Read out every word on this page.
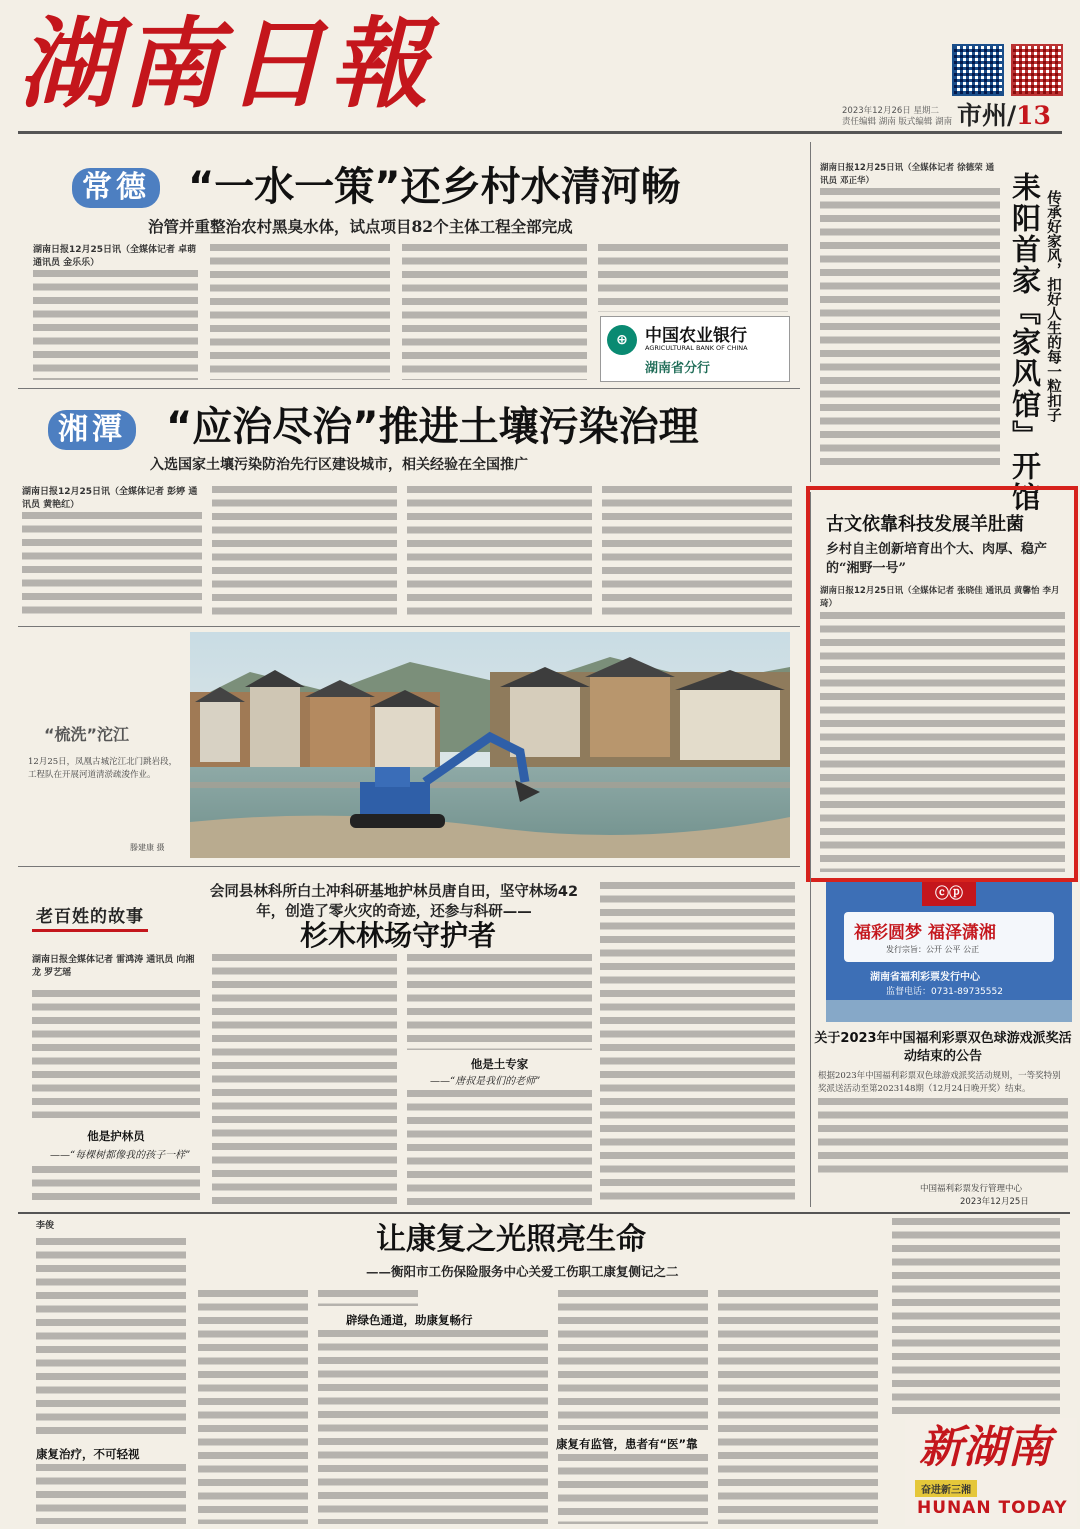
湖南日報	2023年12月26日 星期二
责任编辑 湖南 版式编辑 湖南 市州/13
常德 “一水一策”还乡村水清河畅
治管并重整治农村黑臭水体，试点项目82个主体工程全部完成
湖南日报12月25日讯（全媒体记者 卓萌 通讯员 金乐乐）
⊕	中国农业银行
AGRICULTURAL BANK OF CHINA
湖南省分行
湖南日报12月25日讯（全媒体记者 徐德荣 通讯员 邓正华）	耒阳首家『家风馆』开馆 传承好家风，扣好人生的每一粒扣子
湘潭 “应治尽治”推进土壤污染治理
入选国家土壤污染防治先行区建设城市，相关经验在全国推广
湖南日报12月25日讯（全媒体记者 彭婷 通讯员 黄艳红）
古文依靠科技发展羊肚菌
乡村自主创新培育出个大、肉厚、稳产的“湘野一号”
湖南日报12月25日讯（全媒体记者 张晓佳 通讯员 黄馨怡 李月琦）
“梳洗”沱江
12月25日，凤凰古城沱江北门跳岩段，工程队在开展河道清淤疏浚作业。
滕建康 摄
ⓒⓟ
福彩圆梦 福泽潇湘
发行宗旨：公开 公平 公正
湖南省福利彩票发行中心
监督电话：0731-89735552
关于2023年中国福利彩票双色球游戏派奖活动结束的公告
根据2023年中国福利彩票双色球游戏派奖活动规则，一等奖特别奖派送活动至第2023148期（12月24日晚开奖）结束。
中国福利彩票发行管理中心
2023年12月25日
老百姓的故事
会同县林科所白土冲科研基地护林员唐自田，坚守林场42年，创造了零火灾的奇迹，还参与科研——
杉木林场守护者
湖南日报全媒体记者 雷鸿涛 通讯员 向湘龙 罗艺瑶
他是护林员
——“每棵树都像我的孩子一样”
他是土专家
——“唐叔是我们的老师”
李俊
康复治疗，不可轻视
让康复之光照亮生命
——衡阳市工伤保险服务中心关爱工伤职工康复侧记之二
辟绿色通道，助康复畅行
康复有监管，患者有“医”靠	新湖南
奋进新三湘
HUNAN TODAY
